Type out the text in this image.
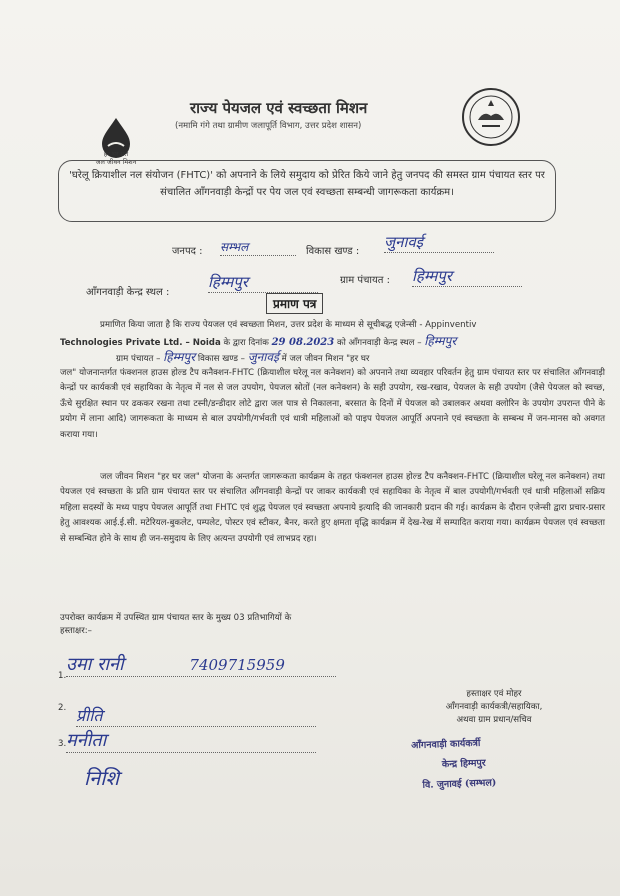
हर घर प्रत
जल जीवन मिशन
राज्य पेयजल एवं स्वच्छता मिशन
(नमामि गंगे तथा ग्रामीण जलापूर्ति विभाग, उत्तर प्रदेश शासन)
'घरेलू क्रियाशील नल संयोजन (FHTC)' को अपनाने के लिये समुदाय को प्रेरित किये जाने हेतु जनपद की समस्त ग्राम पंचायत स्तर पर संचालित आँगनवाड़ी केन्द्रों पर पेय जल एवं स्वच्छता सम्बन्धी जागरूकता कार्यक्रम।
जनपद : सम्भल	विकास खण्ड :
जुनावई
आँगनवाड़ी केन्द्र स्थल :
हिम्मपुर	ग्राम पंचायत : हिम्मपुर
प्रमाण पत्र
प्रमाणित किया जाता है कि राज्य पेयजल एवं स्वच्छता मिशन, उत्तर प्रदेश के माध्यम से सूचीबद्ध एजेन्सी - Appinventiv
Technologies Private Ltd. – Noida के द्वारा दिनांक 29 08.2023 को आँगनवाड़ी केन्द्र स्थल – हिम्मपुर
ग्राम पंचायत – हिम्मपुर विकास खण्ड – जुनावई में जल जीवन मिशन "हर घर
जल" योजनान्तर्गत फंक्शनल हाउस होल्ड टैप कनैक्शन-FHTC (क्रियाशील घरेलू नल कनेक्शन) को अपनाने तथा व्यवहार परिवर्तन हेतु ग्राम पंचायत स्तर पर संचालित आँगनवाड़ी केन्द्रों पर कार्यकत्री एवं सहायिका के नेतृत्व में नल से जल उपयोग, पेयजल स्रोतों (नल कनेक्शन) के सही उपयोग, रख-रखाव, पेयजल के सही उपयोग (जैसे पेयजल को स्वच्छ, ऊँचे सुरक्षित स्थान पर ढककर रखना तथा टस्नी/डन्डीदार लोटे द्वारा जल पात्र से निकालना, बरसात के दिनों में पेयजल को उबालकर अथवा क्लोरिन के उपयोग उपरान्त पीने के प्रयोग में लाना आदि) जागरूकता के माध्यम से बाल उपयोगी/गर्भवती एवं धात्री महिलाओं को पाइप पेयजल आपूर्ति अपनाने एवं स्वच्छता के सम्बन्ध में जन-मानस को अवगत कराया गया।
जल जीवन मिशन "हर घर जल" योजना के अन्तर्गत जागरूकता कार्यक्रम के तहत फंक्शनल हाउस होल्ड टैप कनैक्शन-FHTC (क्रियाशील घरेलू नल कनेक्शन) तथा पेयजल एवं स्वच्छता के प्रति ग्राम पंचायत स्तर पर संचालित आँगनवाड़ी केन्द्रों पर जाकर कार्यकत्री एवं सहायिका के नेतृत्व में बाल उपयोगी/गर्भवती एवं धात्री महिलाओं सक्रिय महिला सदस्यों के मध्य पाइप पेयजल आपूर्ति तथा FHTC एवं शुद्ध पेयजल एवं स्वच्छता अपनाये इत्यादि की जानकारी प्रदान की गई। कार्यक्रम के दौरान एजेन्सी द्वारा प्रचार-प्रसार हेतु आवश्यक आई.ई.सी. मटेरियल-बुकलेट, पम्पलेट, पोस्टर एवं स्टीकर, बैनर, करते हुए क्षमता वृद्धि कार्यक्रम में देख-रेख में सम्पादित कराया गया। कार्यक्रम पेयजल एवं स्वच्छता से सम्बन्धित होने के साथ ही जन-समुदाय के लिए अत्यन्त उपयोगी एवं लाभप्रद रहा।
उपरोक्त कार्यक्रम में उपस्थित ग्राम पंचायत स्तर के मुख्य 03 प्रतिभागियों के
हस्ताक्षर:–
1.
उमा रानी	7409715959
2. प्रीति
3. मनीता
निशि
हस्ताक्षर एवं मोहर
आँगनवाड़ी कार्यकत्री/सहायिका,
अथवा ग्राम प्रधान/सचिव
आँगनवाड़ी कार्यकर्त्री
केन्द्र हिम्मपुर
वि. जुनावई (सम्भल)
